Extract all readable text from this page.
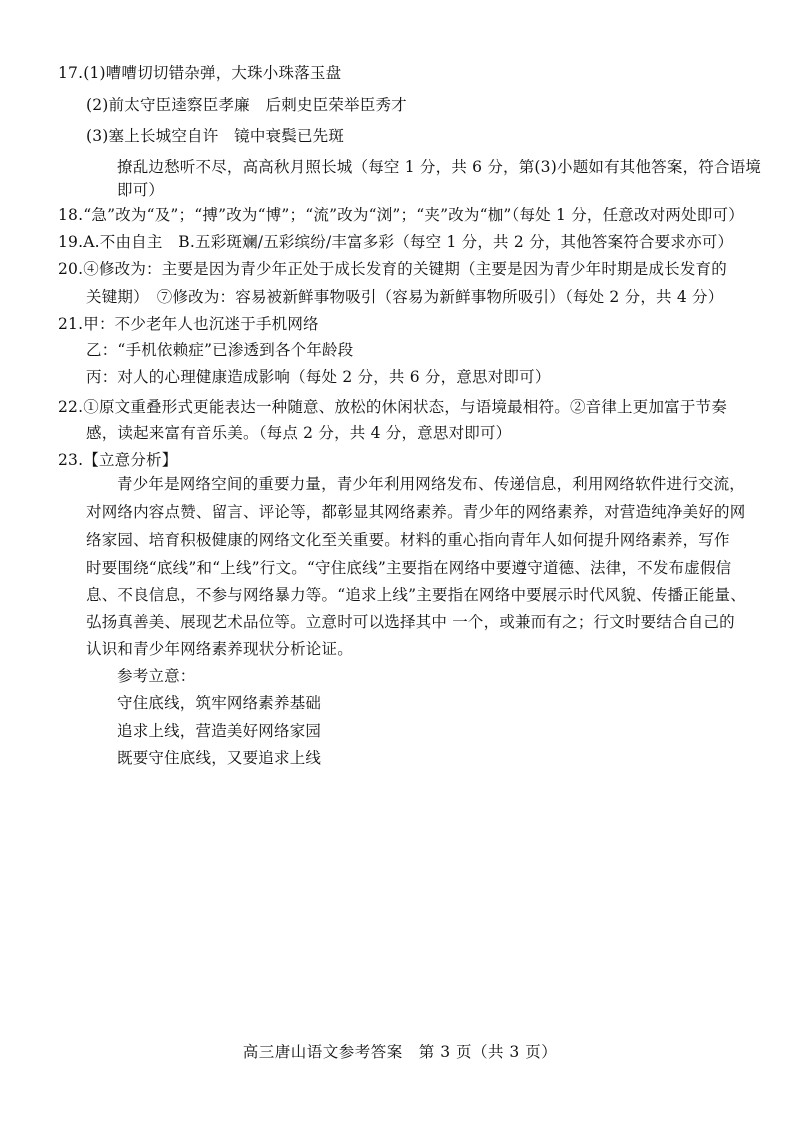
17.(1)嘈嘈切切错杂弹，大珠小珠落玉盘
(2)前太守臣逵察臣孝廉　后刺史臣荣举臣秀才
(3)塞上长城空自许　镜中衰鬓已先斑
撩乱边愁听不尽，高高秋月照长城（每空 1 分，共 6 分，第(3)小题如有其他答案，符合语境
即可）
18.“急”改为“及”；“搏”改为“博”；“流”改为“浏”；“夹”改为“枷”（每处 1 分，任意改对两处即可）
19.A.不由自主　B.五彩斑斓/五彩缤纷/丰富多彩（每空 1 分，共 2 分，其他答案符合要求亦可）
20.④修改为：主要是因为青少年正处于成长发育的关键期（主要是因为青少年时期是成长发育的
关键期）　⑦修改为：容易被新鲜事物吸引（容易为新鲜事物所吸引）（每处 2 分，共 4 分）
21.甲：不少老年人也沉迷于手机网络
乙：“手机依赖症”已渗透到各个年龄段
丙：对人的心理健康造成影响（每处 2 分，共 6 分，意思对即可）
22.①原文重叠形式更能表达一种随意、放松的休闲状态，与语境最相符。②音律上更加富于节奏
感，读起来富有音乐美。（每点 2 分，共 4 分，意思对即可）
23.【立意分析】
青少年是网络空间的重要力量，青少年利用网络发布、传递信息，利用网络软件进行交流，
对网络内容点赞、留言、评论等，都彰显其网络素养。青少年的网络素养，对营造纯净美好的网
络家园、培育积极健康的网络文化至关重要。材料的重心指向青年人如何提升网络素养，写作
时要围绕“底线”和“上线”行文。“守住底线”主要指在网络中要遵守道德、法律，不发布虚假信
息、不良信息，不参与网络暴力等。“追求上线”主要指在网络中要展示时代风貌、传播正能量、
弘扬真善美、展现艺术品位等。立意时可以选择其中 一个，或兼而有之；行文时要结合自己的
认识和青少年网络素养现状分析论证。
参考立意：
守住底线，筑牢网络素养基础
追求上线，营造美好网络家园
既要守住底线，又要追求上线
高三唐山语文参考答案　第 3 页（共 3 页）
